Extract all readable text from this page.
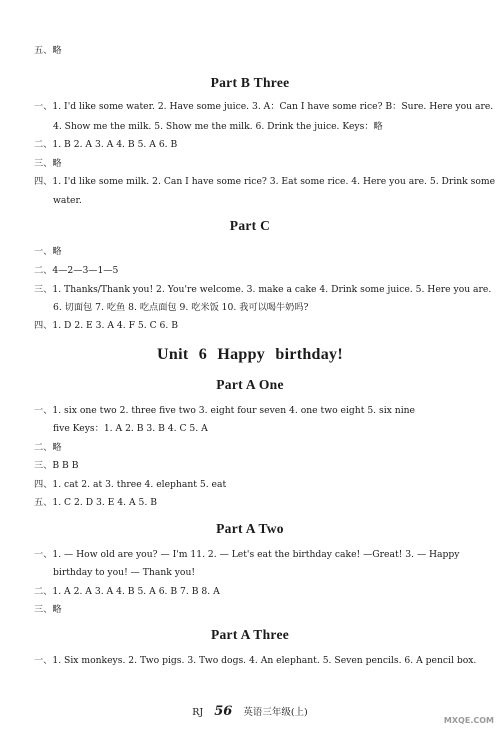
五、略
Part B Three
一、1. I'd like some water. 2. Have some juice. 3. A：Can I have some rice? B：Sure. Here you are.
4. Show me the milk. 5. Show me the milk. 6. Drink the juice. Keys：略
二、1. B 2. A 3. A 4. B 5. A 6. B
三、略
四、1. I'd like some milk. 2. Can I have some rice? 3. Eat some rice. 4. Here you are. 5. Drink some
water.
Part C
一、略
二、4—2—3—1—5
三、1. Thanks/Thank you! 2. You're welcome. 3. make a cake 4. Drink some juice. 5. Here you are.
6. 切面包 7. 吃鱼 8. 吃点面包 9. 吃米饭 10. 我可以喝牛奶吗?
四、1. D 2. E 3. A 4. F 5. C 6. B
Unit 6 Happy birthday!
Part A One
一、1. six one two 2. three five two 3. eight four seven 4. one two eight 5. six nine
five Keys：1. A 2. B 3. B 4. C 5. A
二、略
三、B B B
四、1. cat 2. at 3. three 4. elephant 5. eat
五、1. C 2. D 3. E 4. A 5. B
Part A Two
一、1. — How old are you? — I'm 11. 2. — Let's eat the birthday cake! —Great! 3. — Happy
birthday to you! — Thank you!
二、1. A 2. A 3. A 4. B 5. A 6. B 7. B 8. A
三、略
Part A Three
一、1. Six monkeys. 2. Two pigs. 3. Two dogs. 4. An elephant. 5. Seven pencils. 6. A pencil box.
RJ 56 英语三年级(上)
MXQE.COM
